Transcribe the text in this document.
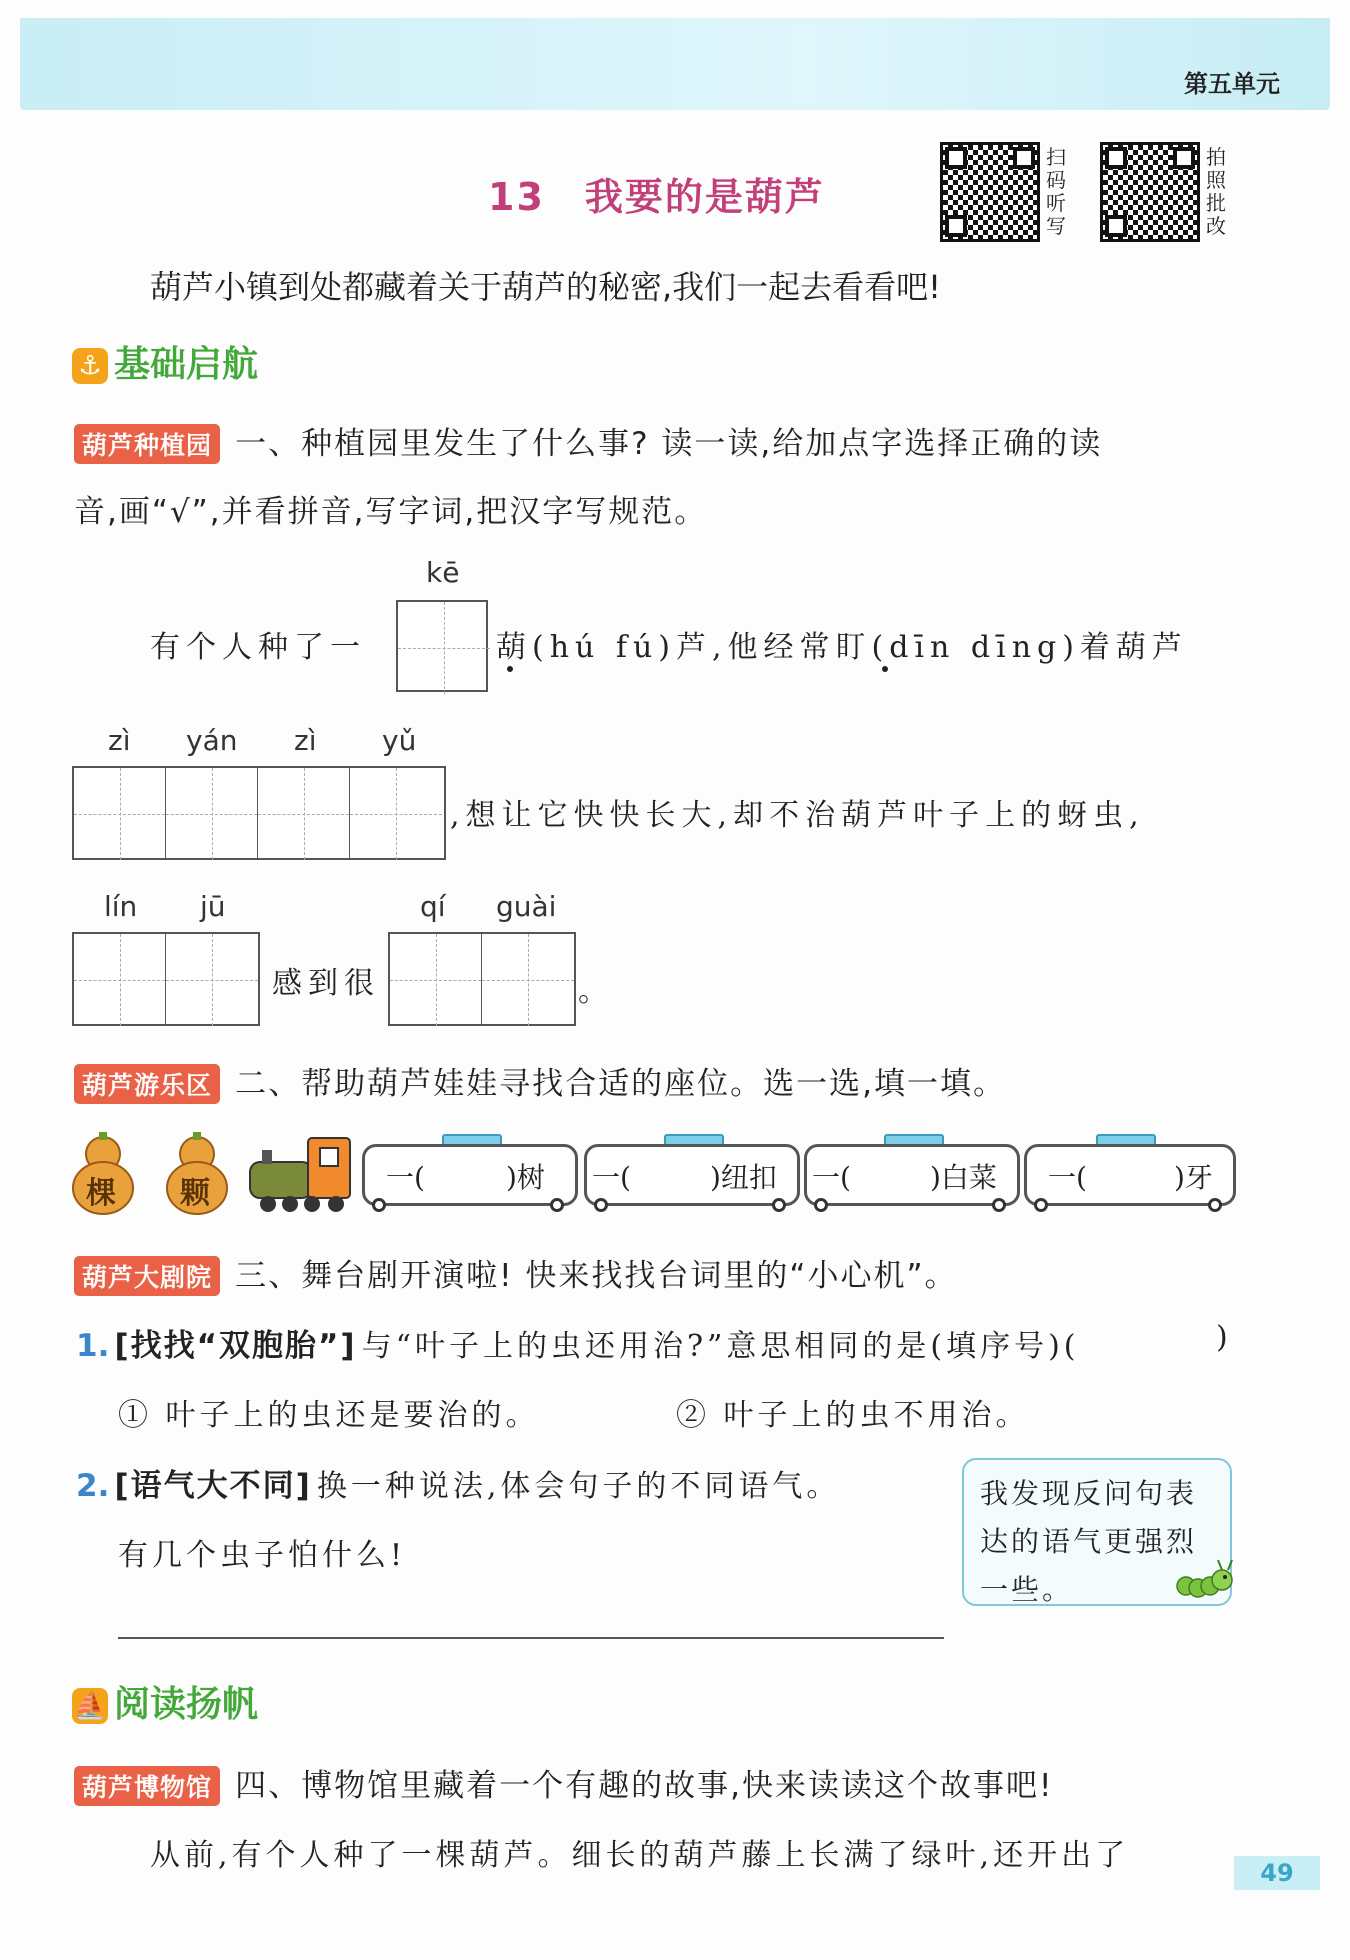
第五单元
13 我要的是葫芦
扫
码
听
写
拍
照
批
改
葫芦小镇到处都藏着关于葫芦的秘密,我们一起去看看吧!
⚓ 基础启航
葫芦种植园 一、种植园里发生了什么事? 读一读,给加点字选择正确的读
音,画“√”,并看拼音,写字词,把汉字写规范。
kē
有个人种了一	葫(hú fú)芦,他经常盯(dīn dīng)着葫芦
zì yán zì yǔ
,想让它快快长大,却不治葫芦叶子上的蚜虫,
lín jū
感到很
qí guài
。
葫芦游乐区 二、帮助葫芦娃娃寻找合适的座位。选一选,填一填。
棵 颗	一(	)树 一(	)纽扣 一(	)白菜 一(	)牙
葫芦大剧院 三、舞台剧开演啦! 快来找找台词里的“小心机”。
1. [找找“双胞胎”] 与“叶子上的虫还用治?”意思相同的是(填序号)(	)
① 叶子上的虫还是要治的。	② 叶子上的虫不用治。
2. [语气大不同] 换一种说法,体会句子的不同语气。
有几个虫子怕什么!
我发现反问句表达的语气更强烈一些。
⛵ 阅读扬帆
葫芦博物馆 四、博物馆里藏着一个有趣的故事,快来读读这个故事吧!
从前,有个人种了一棵葫芦。细长的葫芦藤上长满了绿叶,还开出了	49
